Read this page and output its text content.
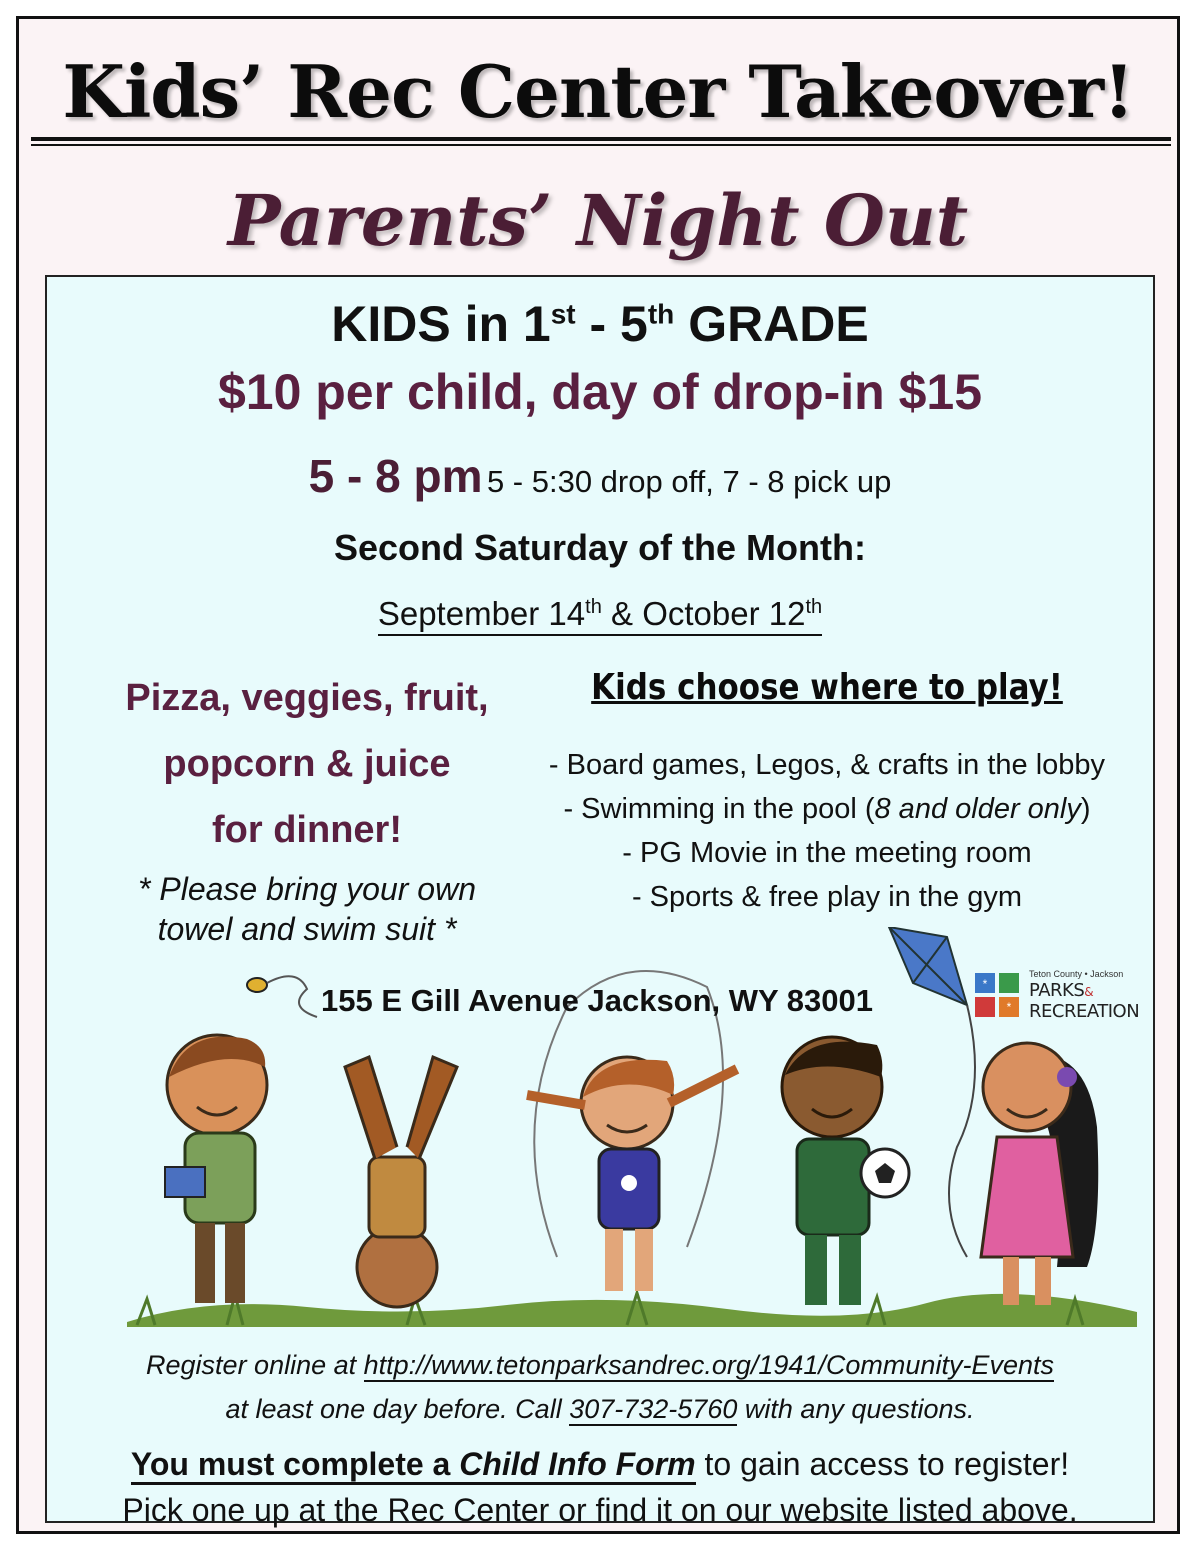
Kids’ Rec Center Takeover!
Parents’ Night Out

KIDS in 1st - 5th GRADE

$10 per child, day of drop-in $15

5 - 8 pm 5 - 5:30 drop off, 7 - 8 pick up

Second Saturday of the Month:

September 14th & October 12th

Pizza, veggies, fruit,
popcorn & juice
for dinner!
* Please bring your own
towel and swim suit *
Kids choose where to play!
- Board games, Legos, & crafts in the lobby
- Swimming in the pool (8 and older only)
- PG Movie in the meeting room
- Sports & free play in the gym
155 E Gill Avenue Jackson, WY 83001	*
*
Teton County • Jackson
PARKS&
RECREATION
Register online at http://www.tetonparksandrec.org/1941/Community-Events
at least one day before. Call 307-732-5760 with any questions.
You must complete a Child Info Form to gain access to register!
Pick one up at the Rec Center or find it on our website listed above.
